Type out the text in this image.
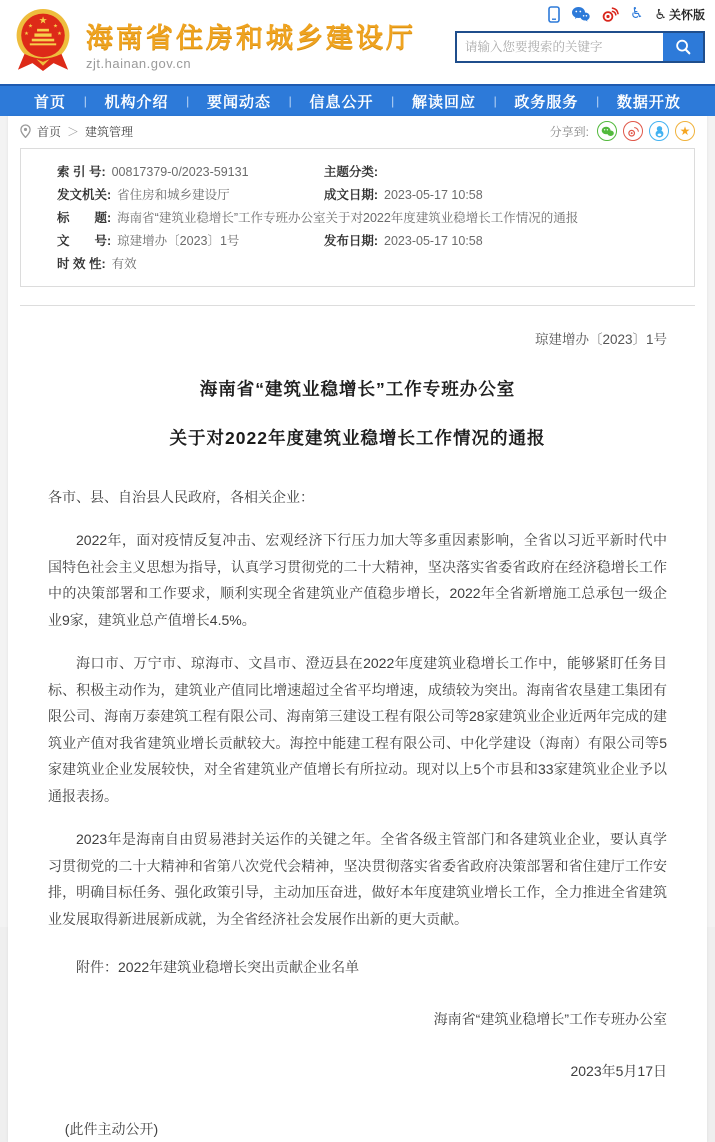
★
★	★
★	★ 海南省住房和城乡建设厅
zjt.hainan.gov.cn
♿ ♿ 关怀版
请输入您要搜索的关键字
首页 | 机构介绍 | 要闻动态 | 信息公开 | 解读回应 | 政务服务 | 数据开放
首页 ＞ 建筑管理	分享到:	★
索 引 号: 00817379-0/2023-59131	主题分类:
发文机关: 省住房和城乡建设厅	成文日期: 2023-05-17 10:58
标　　题: 海南省“建筑业稳增长”工作专班办公室关于对2022年度建筑业稳增长工作情况的通报
文　　号: 琼建增办〔2023〕1号	发布日期: 2023-05-17 10:58
时 效 性: 有效
琼建增办〔2023〕1号
海南省“建筑业稳增长”工作专班办公室
关于对2022年度建筑业稳增长工作情况的通报
各市、县、自治县人民政府，各相关企业：

2022年，面对疫情反复冲击、宏观经济下行压力加大等多重因素影响，全省以习近平新时代中国特色社会主义思想为指导，认真学习贯彻党的二十大精神，坚决落实省委省政府在经济稳增长工作中的决策部署和工作要求，顺利实现全省建筑业产值稳步增长，2022年全省新增施工总承包一级企业9家，建筑业总产值增长4.5%。

海口市、万宁市、琼海市、文昌市、澄迈县在2022年度建筑业稳增长工作中，能够紧盯任务目标、积极主动作为，建筑业产值同比增速超过全省平均增速，成绩较为突出。海南省农垦建工集团有限公司、海南万泰建筑工程有限公司、海南第三建设工程有限公司等28家建筑业企业近两年完成的建筑业产值对我省建筑业增长贡献较大。海控中能建工程有限公司、中化学建设（海南）有限公司等5家建筑业企业发展较快，对全省建筑业产值增长有所拉动。现对以上5个市县和33家建筑业企业予以通报表扬。

2023年是海南自由贸易港封关运作的关键之年。全省各级主管部门和各建筑业企业，要认真学习贯彻党的二十大精神和省第八次党代会精神，坚决贯彻落实省委省政府决策部署和省住建厅工作安排，明确目标任务、强化政策引导，主动加压奋进，做好本年度建筑业增长工作，全力推进全省建筑业发展取得新进展新成就，为全省经济社会发展作出新的更大贡献。

附件：2022年建筑业稳增长突出贡献企业名单
海南省“建筑业稳增长”工作专班办公室
2023年5月17日
(此件主动公开)
